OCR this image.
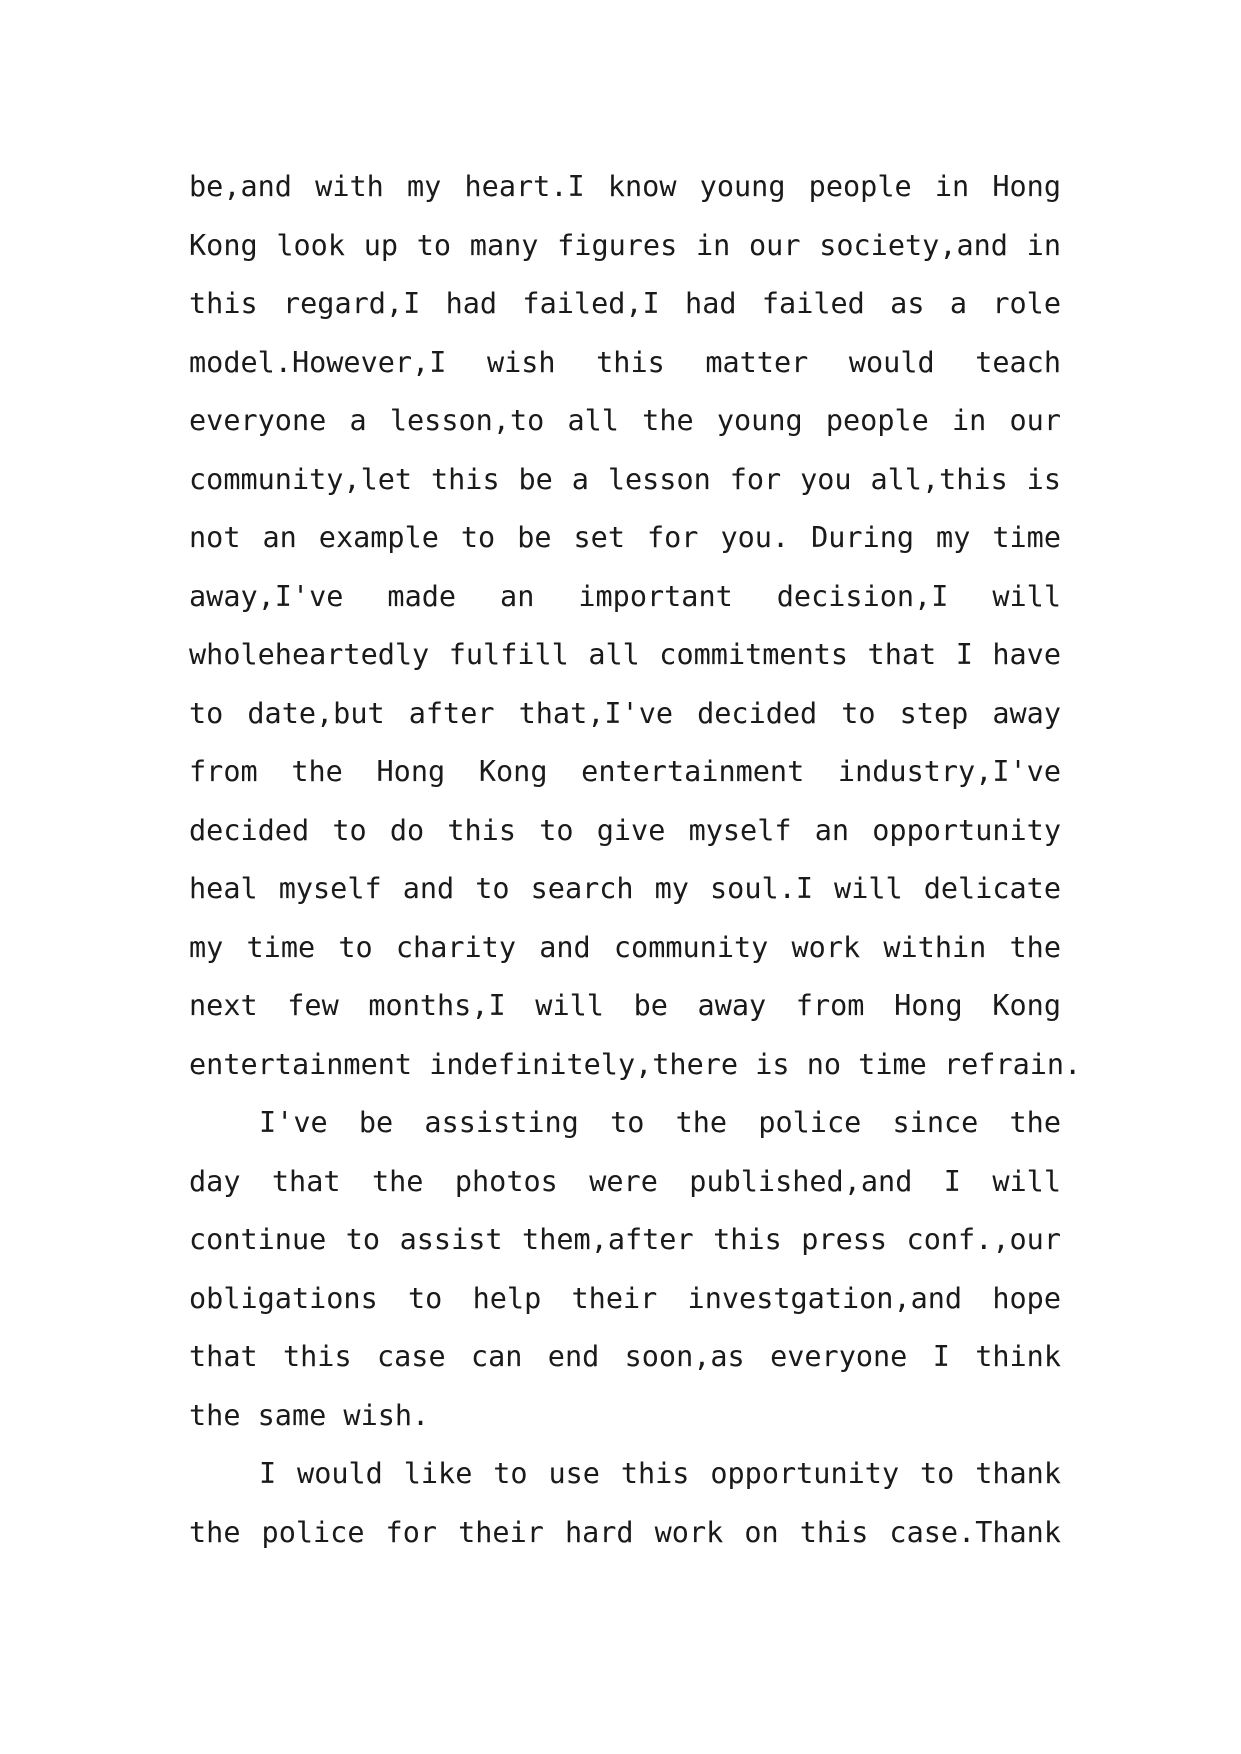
be,and with my heart.I know young people in Hong
Kong look up to many figures in our society,and in
this regard,I had failed,I had failed as a role
model.However,I wish this matter would teach
everyone a lesson,to all the young people in our
community,let this be a lesson for you all,this is
not an example to be set for you. During my time
away,I've made an important decision,I will
wholeheartedly fulfill all commitments that I have
to date,but after that,I've decided to step away
from the Hong Kong entertainment industry,I've
decided to do this to give myself an opportunity
heal myself and to search my soul.I will delicate
my time to charity and community work within the
next few months,I will be away from Hong Kong
entertainment indefinitely,there is no time refrain.
I've be assisting to the police since the
day that the photos were published,and I will
continue to assist them,after this press conf.,our
obligations to help their investgation,and hope
that this case can end soon,as everyone I think
the same wish.
I would like to use this opportunity to thank
the police for their hard work on this case.Thank
